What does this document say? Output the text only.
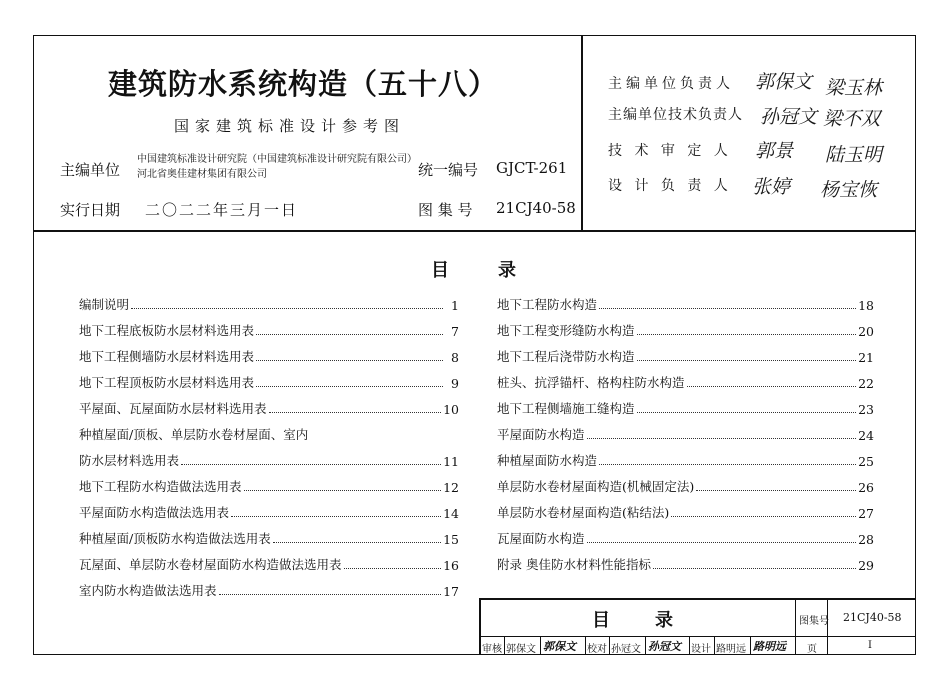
建筑防水系统构造（五十八）
国家建筑标准设计参考图
主编单位
中国建筑标准设计研究院（中国建筑标准设计研究院有限公司）
河北省奥佳建材集团有限公司	统一编号 GJCT-261
实行日期 二〇二二年三月一日	图 集 号 21CJ40-58
主编单位负责人 郭保文 梁玉林
主编单位技术负责人 孙冠文 梁不双
技 术 审 定 人 郭景 陆玉明
设 计 负 责 人 张婷 杨宝恢
目	录
编制说明	1
地下工程底板防水层材料选用表	7
地下工程侧墙防水层材料选用表	8
地下工程顶板防水层材料选用表	9
平屋面、瓦屋面防水层材料选用表	10
种植屋面/顶板、单层防水卷材屋面、室内
防水层材料选用表	11
地下工程防水构造做法选用表	12
平屋面防水构造做法选用表	14
种植屋面/顶板防水构造做法选用表	15
瓦屋面、单层防水卷材屋面防水构造做法选用表	16
室内防水构造做法选用表	17
地下工程防水构造	18
地下工程变形缝防水构造	20
地下工程后浇带防水构造	21
桩头、抗浮锚杆、格构柱防水构造	22
地下工程侧墙施工缝构造	23
平屋面防水构造	24
种植屋面防水构造	25
单层防水卷材屋面构造(机械固定法)	26
单层防水卷材屋面构造(粘结法)	27
瓦屋面防水构造	28
附录 奥佳防水材料性能指标	29
目　　录	图集号 21CJ40-58
页	I
审核 郭保文 郭保文 校对 孙冠文 孙冠文 设计 路明远 路明远
